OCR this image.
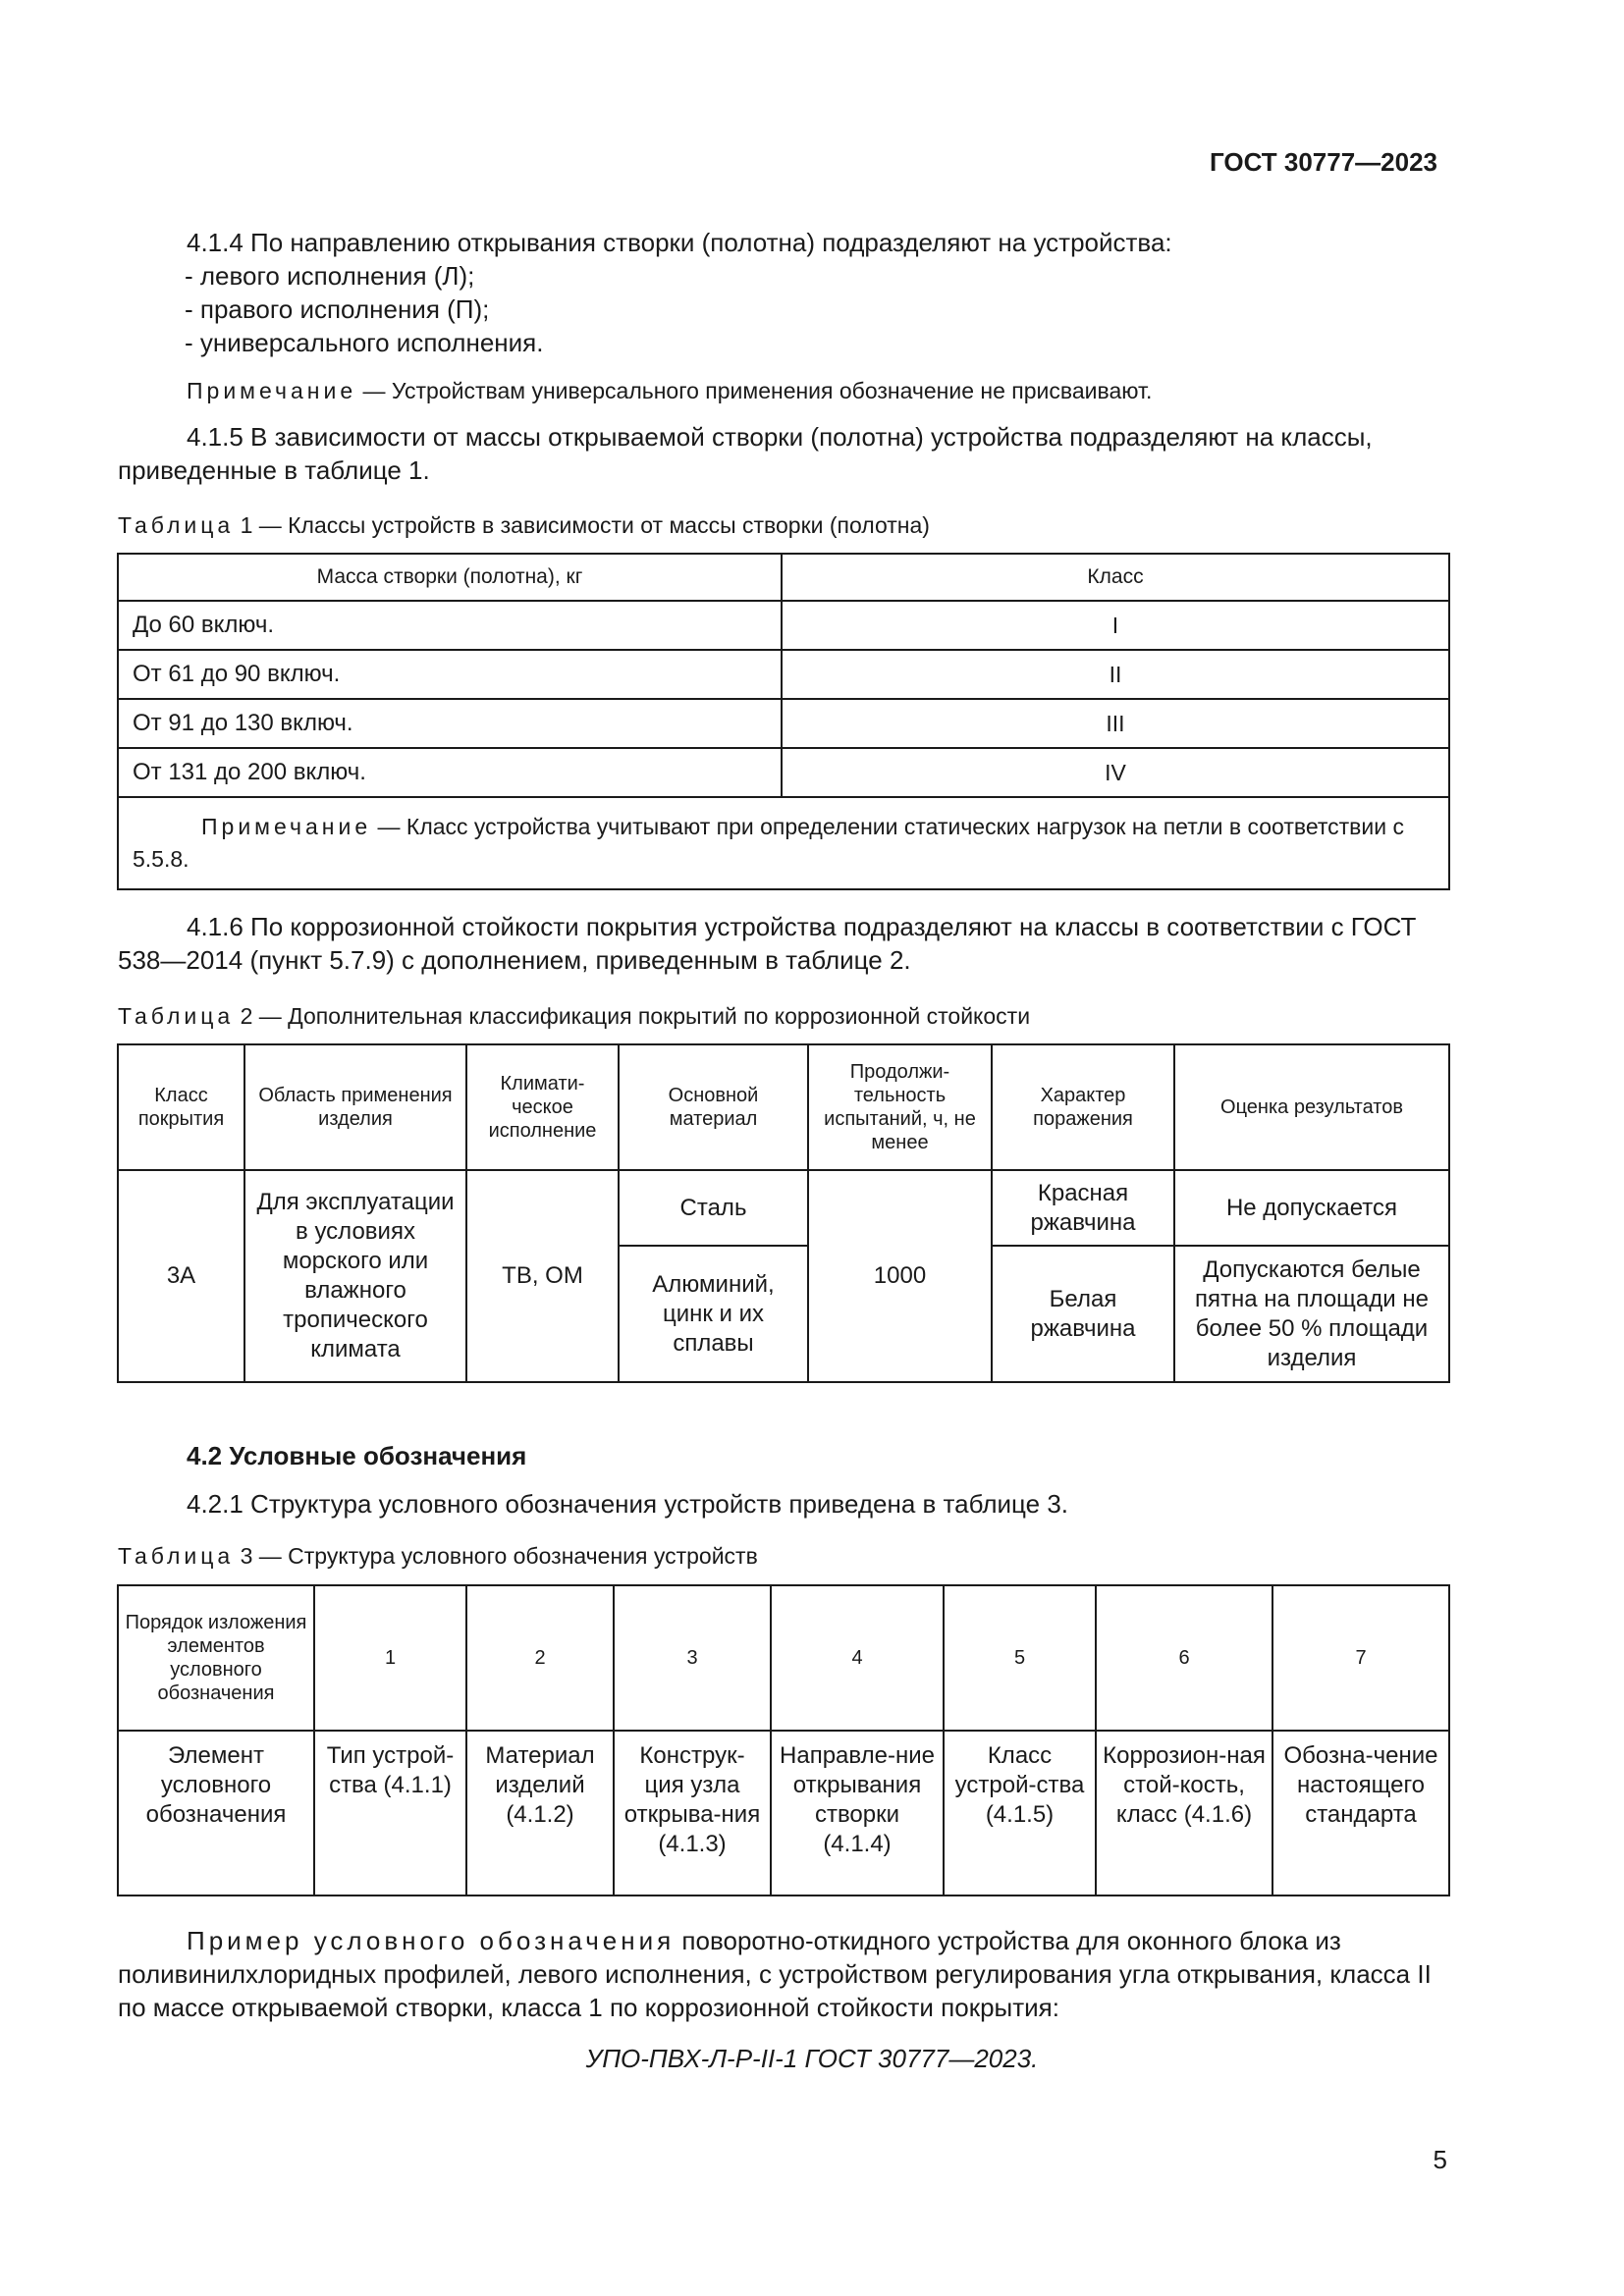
ГОСТ 30777—2023
4.1.4 По направлению открывания створки (полотна) подразделяют на устройства:
- левого исполнения (Л);
- правого исполнения (П);
- универсального исполнения.
Примечание — Устройствам универсального применения обозначение не присваивают.
4.1.5 В зависимости от массы открываемой створки (полотна) устройства подразделяют на классы, приведенные в таблице 1.
Таблица 1 — Классы устройств в зависимости от массы створки (полотна)
Масса створки (полотна), кг	Класс
До 60 включ.	I
От 61 до 90 включ.	II
От 91 до 130 включ.	III
От 131 до 200 включ.	IV
Примечание — Класс устройства учитывают при определении статических нагрузок на петли в соответствии с 5.5.8.	
4.1.6 По коррозионной стойкости покрытия устройства подразделяют на классы в соответствии с ГОСТ 538—2014 (пункт 5.7.9) с дополнением, приведенным в таблице 2.
Таблица 2 — Дополнительная классификация покрытий по коррозионной стойкости
Класс покрытия	Область применения изделия	Климати-ческое исполнение	Основной материал	Продолжи-тельность испытаний, ч, не менее	Характер поражения	Оценка результатов
3А	Для эксплуатации в условиях морского или влажного тропического климата	ТВ, ОМ	Сталь	1000	Красная ржавчина	Не допускается
			Алюминий, цинк и их сплавы		Белая ржавчина	Допускаются белые пятна на площади не более 50 % площади изделия
4.2 Условные обозначения
4.2.1 Структура условного обозначения устройств приведена в таблице 3.
Таблица 3 — Структура условного обозначения устройств
Порядок изложения элементов условного обозначения	1	2	3	4	5	6	7
Элемент условного обозначения	Тип устрой-ства (4.1.1)	Материал изделий (4.1.2)	Конструк-ция узла открыва-ния (4.1.3)	Направле-ние открывания створки (4.1.4)	Класс устрой-ства (4.1.5)	Коррозион-ная стой-кость, класс (4.1.6)	Обозна-чение настоящего стандарта
Пример условного обозначения поворотно-откидного устройства для оконного блока из поливинилхлоридных профилей, левого исполнения, с устройством регулирования угла открывания, класса II по массе открываемой створки, класса 1 по коррозионной стойкости покрытия:
УПО-ПВХ-Л-Р-II-1 ГОСТ 30777—2023.
5
